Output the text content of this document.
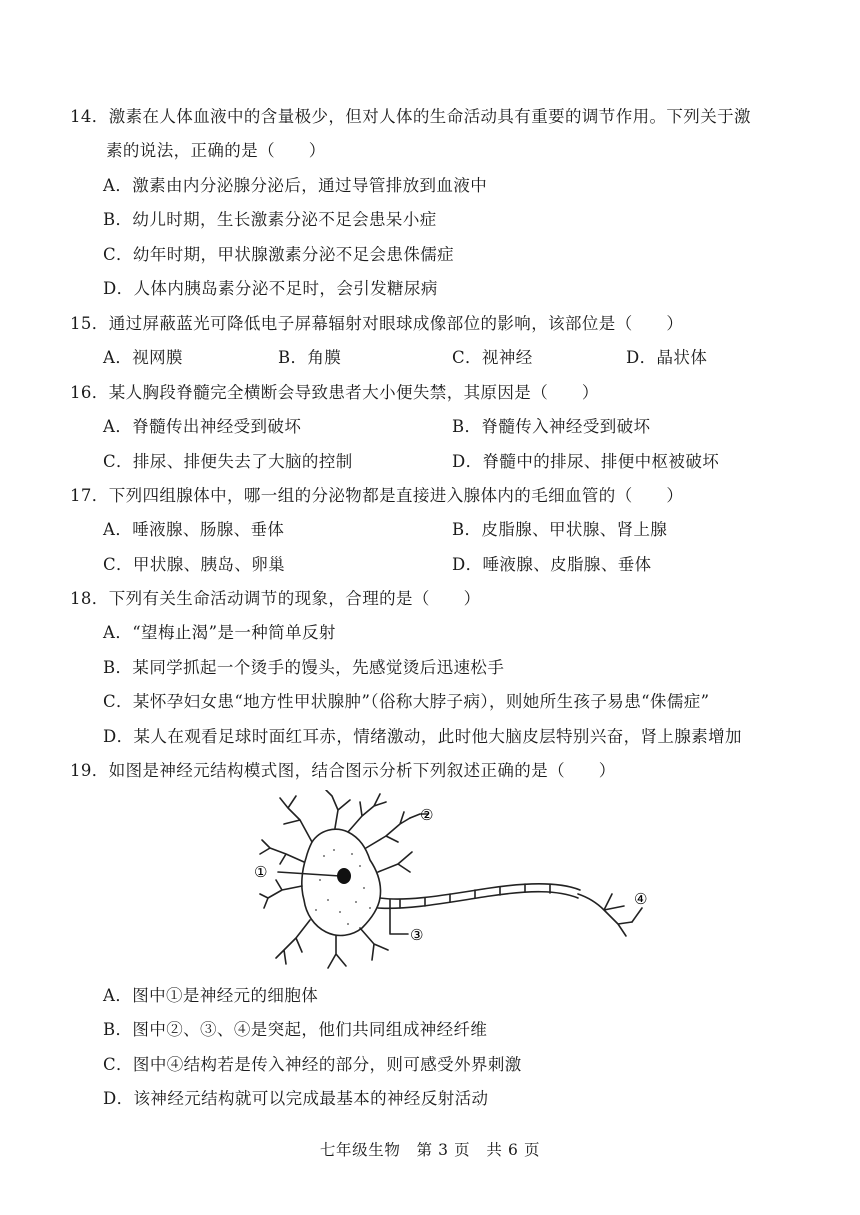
14．激素在人体血液中的含量极少，但对人体的生命活动具有重要的调节作用。下列关于激
素的说法，正确的是（　　）
A．激素由内分泌腺分泌后，通过导管排放到血液中
B．幼儿时期，生长激素分泌不足会患呆小症
C．幼年时期，甲状腺激素分泌不足会患侏儒症
D．人体内胰岛素分泌不足时，会引发糖尿病
15．通过屏蔽蓝光可降低电子屏幕辐射对眼球成像部位的影响，该部位是（　　）
A．视网膜	B．角膜	C．视神经	D．晶状体
16．某人胸段脊髓完全横断会导致患者大小便失禁，其原因是（　　）
A．脊髓传出神经受到破坏	B．脊髓传入神经受到破坏
C．排尿、排便失去了大脑的控制	D．脊髓中的排尿、排便中枢被破坏
17．下列四组腺体中，哪一组的分泌物都是直接进入腺体内的毛细血管的（　　）
A．唾液腺、肠腺、垂体	B．皮脂腺、甲状腺、肾上腺
C．甲状腺、胰岛、卵巢	D．唾液腺、皮脂腺、垂体
18．下列有关生命活动调节的现象，合理的是（　　）
A．“望梅止渴”是一种简单反射
B．某同学抓起一个烫手的馒头，先感觉烫后迅速松手
C．某怀孕妇女患“地方性甲状腺肿”（俗称大脖子病），则她所生孩子易患“侏儒症”
D．某人在观看足球时面红耳赤，情绪激动，此时他大脑皮层特别兴奋，肾上腺素增加
19．如图是神经元结构模式图，结合图示分析下列叙述正确的是（　　）
①
②
③
④
A．图中①是神经元的细胞体
B．图中②、③、④是突起，他们共同组成神经纤维
C．图中④结构若是传入神经的部分，则可感受外界刺激
D．该神经元结构就可以完成最基本的神经反射活动
七年级生物　第 3 页　共 6 页
